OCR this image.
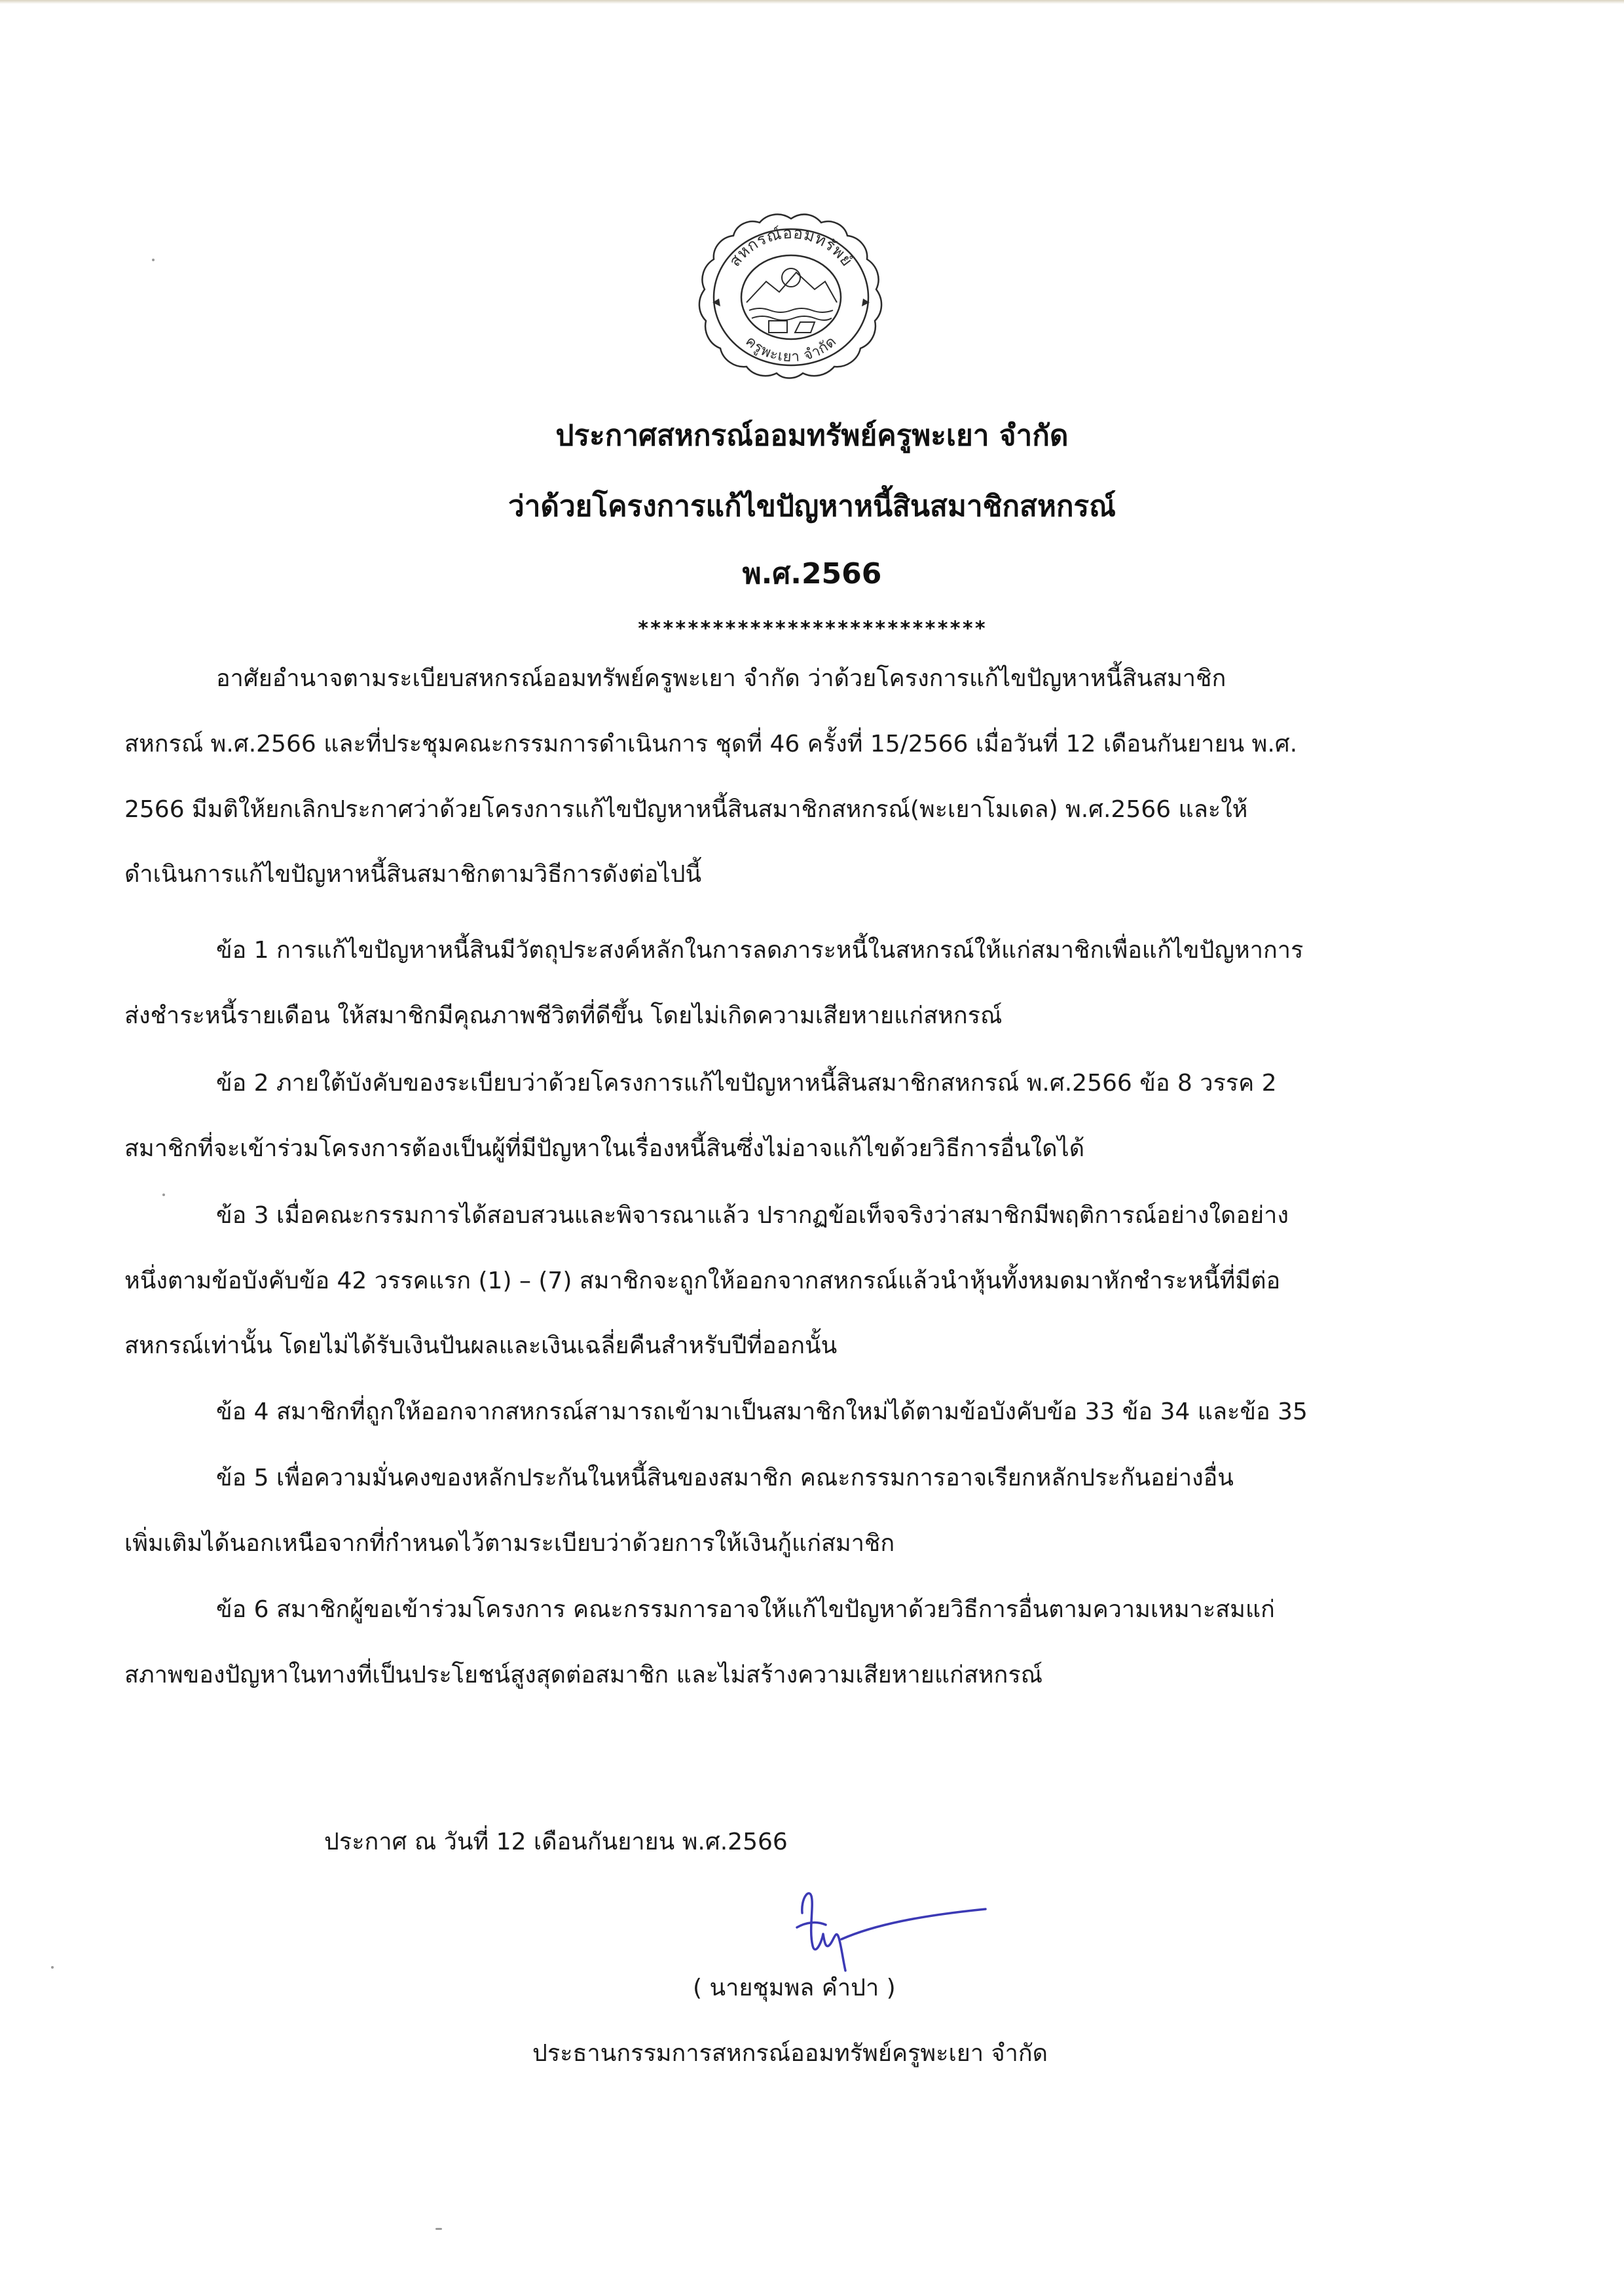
สหกรณ์ออมทรัพย์
ครูพะเยา จำกัด
ประกาศสหกรณ์ออมทรัพย์ครูพะเยา จำกัด
ว่าด้วยโครงการแก้ไขปัญหาหนี้สินสมาชิกสหกรณ์
พ.ศ.2566
****************************
อาศัยอำนาจตามระเบียบสหกรณ์ออมทรัพย์ครูพะเยา จำกัด ว่าด้วยโครงการแก้ไขปัญหาหนี้สินสมาชิก
สหกรณ์ พ.ศ.2566 และที่ประชุมคณะกรรมการดำเนินการ ชุดที่ 46 ครั้งที่ 15/2566 เมื่อวันที่ 12 เดือนกันยายน พ.ศ.
2566 มีมติให้ยกเลิกประกาศว่าด้วยโครงการแก้ไขปัญหาหนี้สินสมาชิกสหกรณ์(พะเยาโมเดล) พ.ศ.2566 และให้
ดำเนินการแก้ไขปัญหาหนี้สินสมาชิกตามวิธีการดังต่อไปนี้
ข้อ 1 การแก้ไขปัญหาหนี้สินมีวัตถุประสงค์หลักในการลดภาระหนี้ในสหกรณ์ให้แก่สมาชิกเพื่อแก้ไขปัญหาการ
ส่งชำระหนี้รายเดือน ให้สมาชิกมีคุณภาพชีวิตที่ดีขึ้น โดยไม่เกิดความเสียหายแก่สหกรณ์
ข้อ 2 ภายใต้บังคับของระเบียบว่าด้วยโครงการแก้ไขปัญหาหนี้สินสมาชิกสหกรณ์ พ.ศ.2566 ข้อ 8 วรรค 2
สมาชิกที่จะเข้าร่วมโครงการต้องเป็นผู้ที่มีปัญหาในเรื่องหนี้สินซึ่งไม่อาจแก้ไขด้วยวิธีการอื่นใดได้
ข้อ 3 เมื่อคณะกรรมการได้สอบสวนและพิจารณาแล้ว ปรากฏข้อเท็จจริงว่าสมาชิกมีพฤติการณ์อย่างใดอย่าง
หนึ่งตามข้อบังคับข้อ 42 วรรคแรก (1) – (7) สมาชิกจะถูกให้ออกจากสหกรณ์แล้วนำหุ้นทั้งหมดมาหักชำระหนี้ที่มีต่อ
สหกรณ์เท่านั้น โดยไม่ได้รับเงินปันผลและเงินเฉลี่ยคืนสำหรับปีที่ออกนั้น
ข้อ 4 สมาชิกที่ถูกให้ออกจากสหกรณ์สามารถเข้ามาเป็นสมาชิกใหม่ได้ตามข้อบังคับข้อ 33 ข้อ 34 และข้อ 35
ข้อ 5 เพื่อความมั่นคงของหลักประกันในหนี้สินของสมาชิก คณะกรรมการอาจเรียกหลักประกันอย่างอื่น
เพิ่มเติมได้นอกเหนือจากที่กำหนดไว้ตามระเบียบว่าด้วยการให้เงินกู้แก่สมาชิก
ข้อ 6 สมาชิกผู้ขอเข้าร่วมโครงการ คณะกรรมการอาจให้แก้ไขปัญหาด้วยวิธีการอื่นตามความเหมาะสมแก่
สภาพของปัญหาในทางที่เป็นประโยชน์สูงสุดต่อสมาชิก และไม่สร้างความเสียหายแก่สหกรณ์
ประกาศ ณ วันที่ 12 เดือนกันยายน พ.ศ.2566
( นายชุมพล คำปา )
ประธานกรรมการสหกรณ์ออมทรัพย์ครูพะเยา จำกัด
